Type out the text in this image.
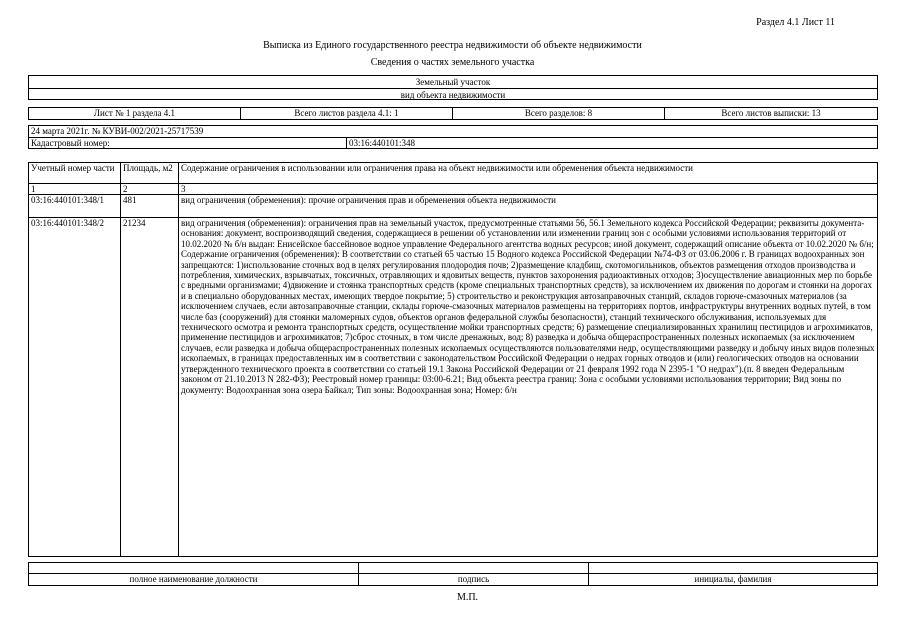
Раздел 4.1 Лист 11
Выписка из Единого государственного реестра недвижимости об объекте недвижимости
Сведения о частях земельного участка
Земельный участок
вид объекта недвижимости
Лист № 1 раздела 4.1	Всего листов раздела 4.1: 1	Всего разделов: 8	Всего листов выписки: 13
24 марта 2021г. № КУВИ-002/2021-25717539
Кадастровый номер:	03:16:440101:348
Учетный номер части	Площадь, м2	Содержание ограничения в использовании или ограничения права на объект недвижимости или обременения объекта недвижимости
1	2	3
03:16:440101:348/1	481	вид ограничения (обременения): прочие ограничения прав и обременения объекта недвижимости
03:16:440101:348/2	21234	вид ограничения (обременения): ограничения прав на земельный участок, предусмотренные статьями 56, 56.1 Земельного кодекса Российской Федерации; реквизиты документа-основания: документ, воспроизводящий сведения, содержащиеся в решении об установлении или изменении границ зон с особыми условиями использования территорий от 10.02.2020 № б/н выдан: Енисейское бассейновое водное управление Федерального агентства водных ресурсов; иной документ, содержащий описание объекта от 10.02.2020 № б/н; Содержание ограничения (обременения): В соответствии со статьей 65 частью 15 Водного кодекса Российской Федерации №74-ФЗ от 03.06.2006 г. В границах водоохранных зон запрещаются: 1)использование сточных вод в целях регулирования плодородия почв; 2)размещение кладбищ, скотомогильников, объектов размещения отходов производства и потребления, химических, взрывчатых, токсичных, отравляющих и ядовитых веществ, пунктов захоронения радиоактивных отходов; 3)осуществление авиационных мер по борьбе с вредными организмами; 4)движение и стоянка транспортных средств (кроме специальных транспортных средств), за исключением их движения по дорогам и стоянки на дорогах и в специально оборудованных местах, имеющих твердое покрытие; 5) строительство и реконструкция автозаправочных станций, складов горюче-смазочных материалов (за исключением случаев, если автозаправочные станции, склады горюче-смазочных материалов размещены на территориях портов, инфраструктуры внутренних водных путей, в том числе баз (сооружений) для стоянки маломерных судов, объектов органов федеральной службы безопасности), станций технического обслуживания, используемых для технического осмотра и ремонта транспортных средств, осуществление мойки транспортных средств; 6) размещение специализированных хранилищ пестицидов и агрохимикатов, применение пестицидов и агрохимикатов; 7)сброс сточных, в том числе дренажных, вод; 8) разведка и добыча общераспространенных полезных ископаемых (за исключением случаев, если разведка и добыча общераспространенных полезных ископаемых осуществляются пользователями недр, осуществляющими разведку и добычу иных видов полезных ископаемых, в границах предоставленных им в соответствии с законодательством Российской Федерации о недрах горных отводов и (или) геологических отводов на основании утвержденного технического проекта в соответствии со статьей 19.1 Закона Российской Федерации от 21 февраля 1992 года N 2395-1 "О недрах").(п. 8 введен Федеральным законом от 21.10.2013 N 282-ФЗ); Реестровый номер границы: 03:00-6.21; Вид объекта реестра границ: Зона с особыми условиями использования территории; Вид зоны по документу: Водоохранная зона озера Байкал; Тип зоны: Водоохранная зона; Номер: б/н
полное наименование должности	подпись	инициалы, фамилия
М.П.
